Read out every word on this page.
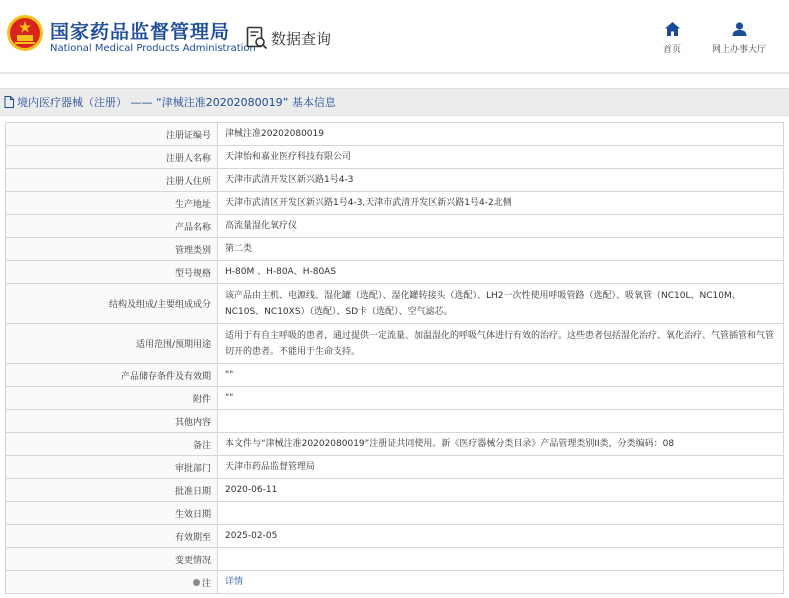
国家药品监督管理局
National Medical Products Administration
数据查询
首页	网上办事大厅
境内医疗器械（注册） —— “津械注准20202080019” 基本信息
注册证编号	津械注准20202080019
注册人名称	天津怡和嘉业医疗科技有限公司
注册人住所	天津市武清开发区新兴路1号4-3
生产地址	天津市武清区开发区新兴路1号4-3,天津市武清开发区新兴路1号4-2北侧
产品名称	高流量湿化氧疗仪
管理类别	第二类
型号规格	H-80M 、H-80A、H-80AS
结构及组成/主要组成成分	该产品由主机、电源线、湿化罐（选配）、湿化罐转接头（选配）、LH2一次性使用呼吸管路（选配）、吸氧管（NC10L、NC10M、NC10S、NC10XS）（选配）、SD卡（选配）、空气滤芯。
适用范围/预期用途	适用于有自主呼吸的患者，通过提供一定流量、加温湿化的呼吸气体进行有效的治疗。这些患者包括湿化治疗、氧化治疗、气管插管和气管切开的患者。不能用于生命支持。
产品储存条件及有效期	""
附件	""
其他内容	
备注	本文件与“津械注准20202080019”注册证共同使用。新《医疗器械分类目录》产品管理类别II类，分类编码：08
审批部门	天津市药品监督管理局
批准日期	2020-06-11
生效日期	
有效期至	2025-02-05
变更情况	

注	详情
